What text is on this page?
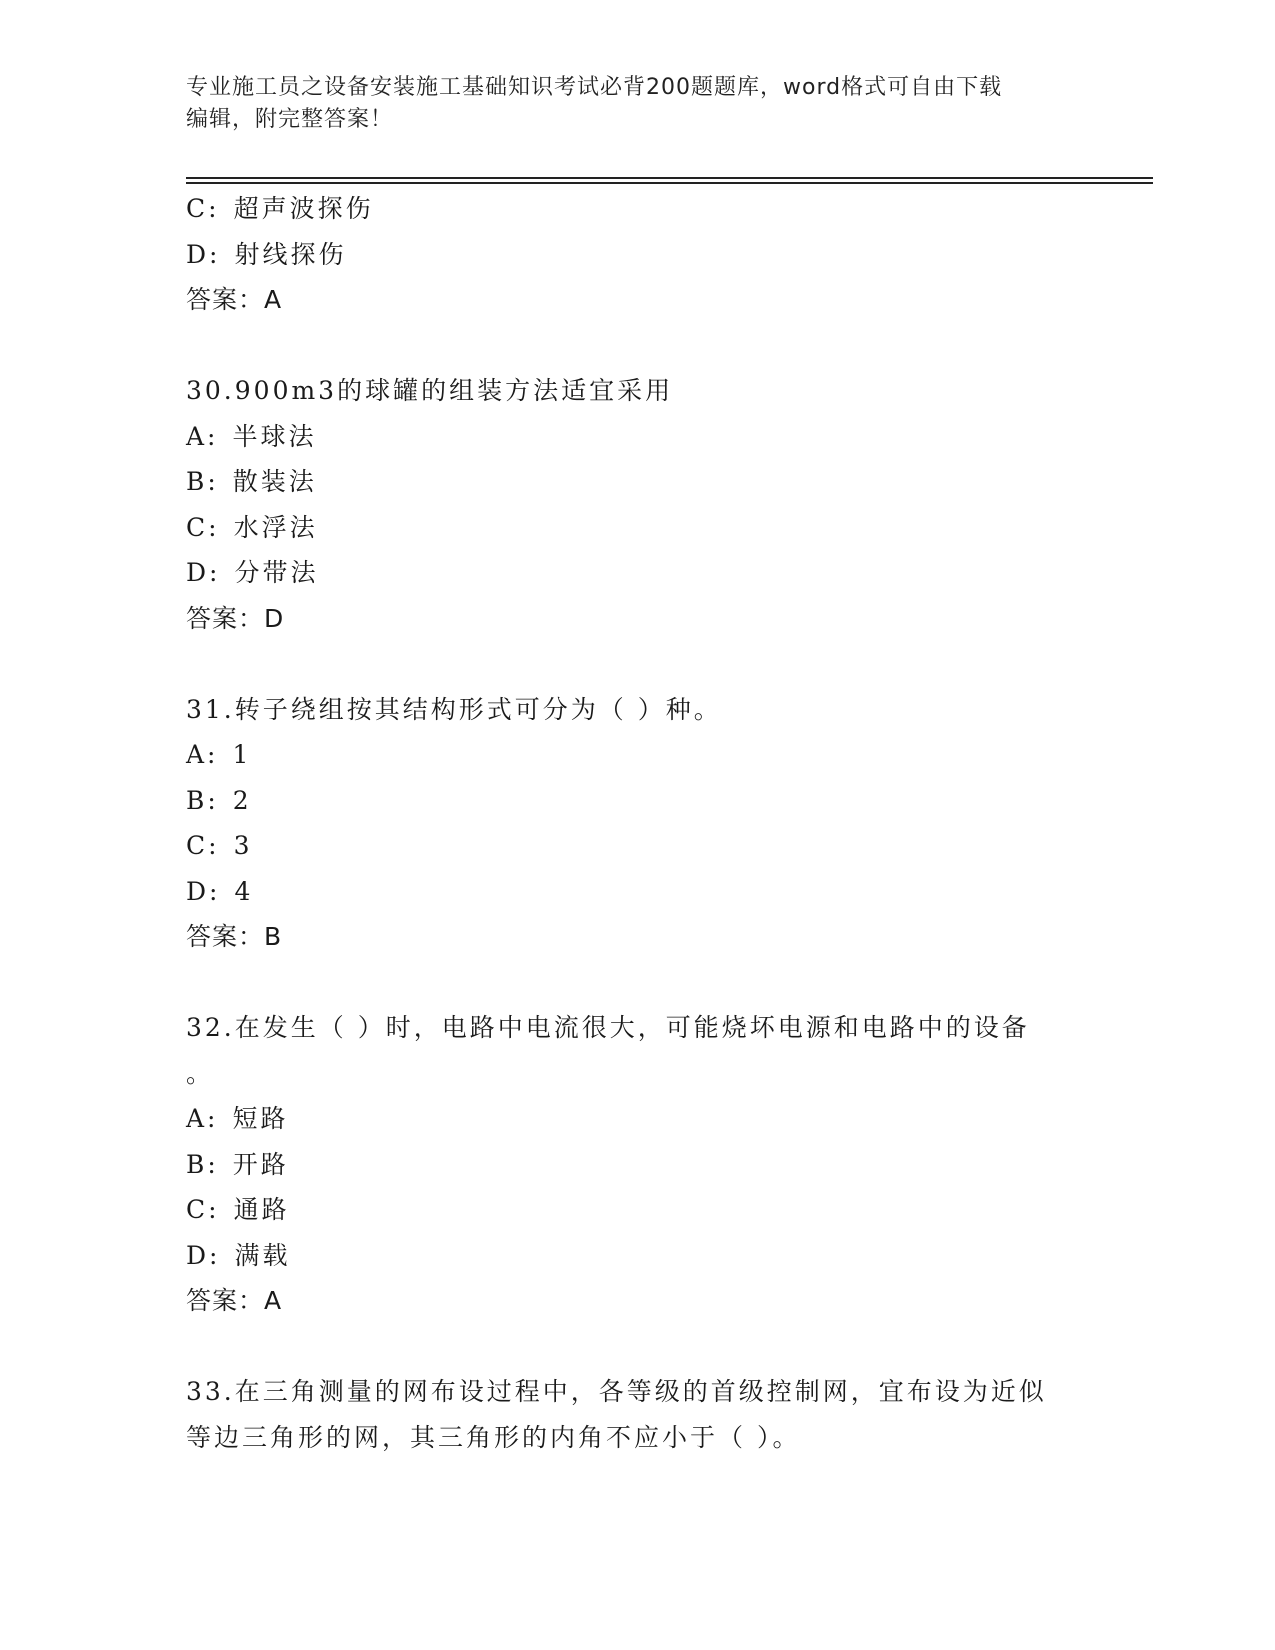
专业施工员之设备安装施工基础知识考试必背200题题库，word格式可自由下载
编辑，附完整答案！
C: 超声波探伤
D: 射线探伤
答案：A
30.900m3的球罐的组装方法适宜采用
A: 半球法
B: 散装法
C: 水浮法
D: 分带法
答案：D
31.转子绕组按其结构形式可分为（ ）种。
A: 1
B: 2
C: 3
D: 4
答案：B
32.在发生（ ）时，电路中电流很大，可能烧坏电源和电路中的设备
。
A: 短路
B: 开路
C: 通路
D: 满载
答案：A
33.在三角测量的网布设过程中，各等级的首级控制网，宜布设为近似
等边三角形的网，其三角形的内角不应小于（ ）。
